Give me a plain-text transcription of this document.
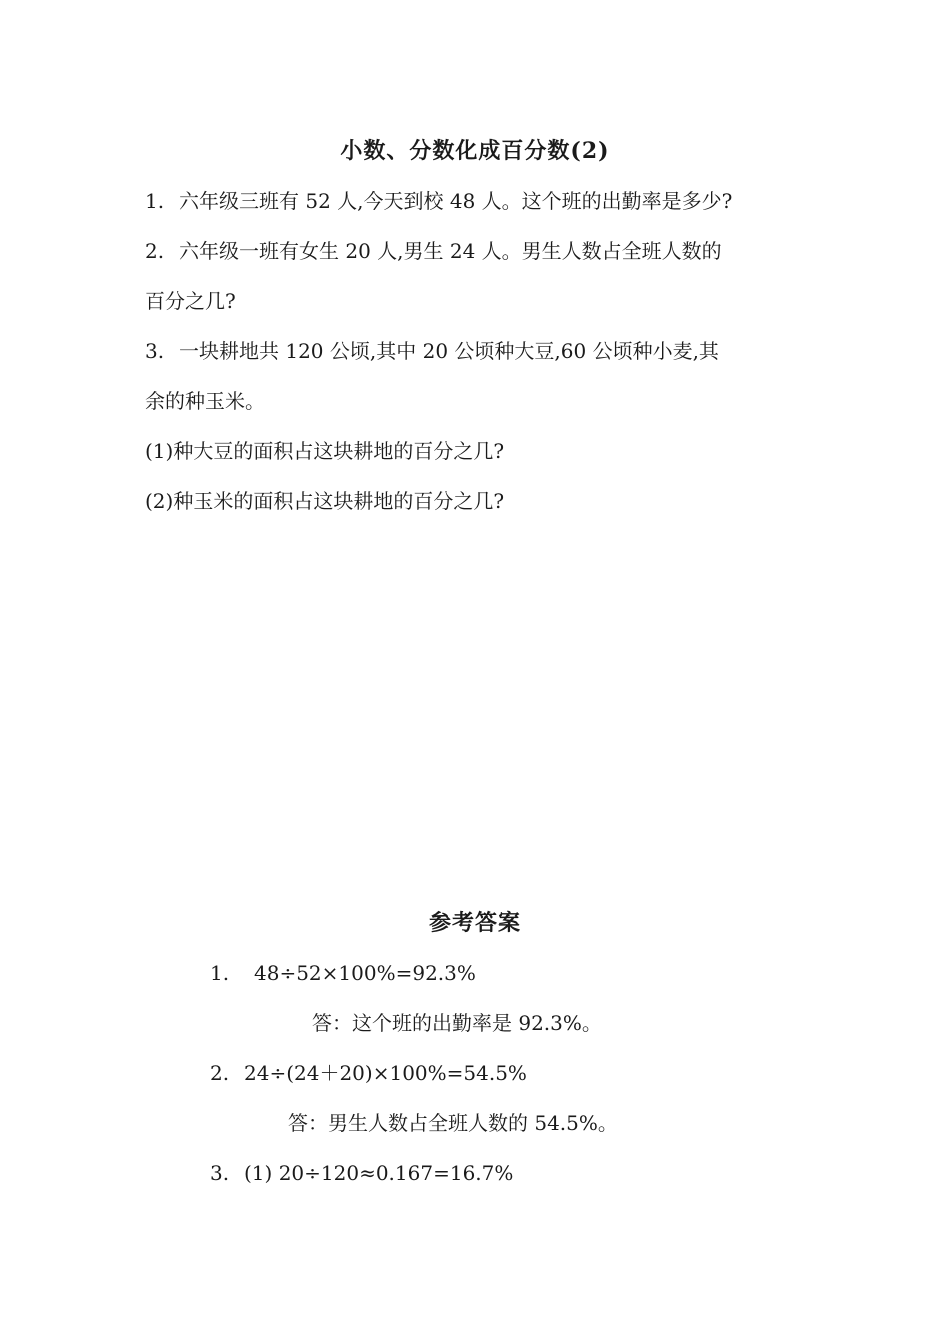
小数、分数化成百分数(2)
1. 六年级三班有 52 人,今天到校 48 人。这个班的出勤率是多少?
2. 六年级一班有女生 20 人,男生 24 人。男生人数占全班人数的
百分之几?
3. 一块耕地共 120 公顷,其中 20 公顷种大豆,60 公顷种小麦,其
余的种玉米。
(1)种大豆的面积占这块耕地的百分之几?
(2)种玉米的面积占这块耕地的百分之几?
参考答案
1. 48÷52×100%=92.3%
答：这个班的出勤率是 92.3%。
2. 24÷(24＋20)×100%=54.5%
答：男生人数占全班人数的 54.5%。
3. (1) 20÷120≈0.167=16.7%
